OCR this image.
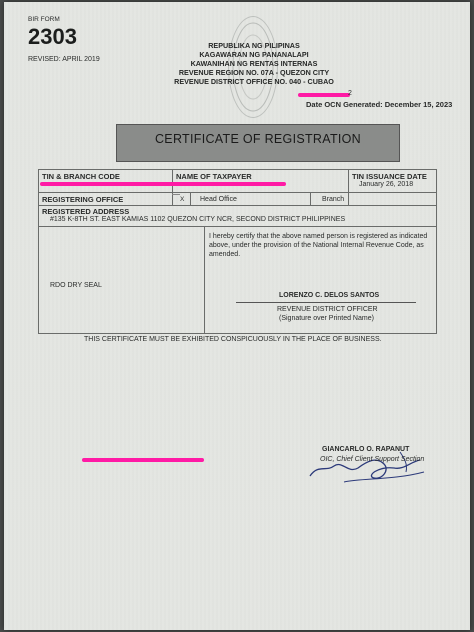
BIR FORM
2303
REVISED: APRIL 2019
REPUBLIKA NG PILIPINAS
KAGAWARAN NG PANANALAPI
KAWANIHAN NG RENTAS INTERNAS
REVENUE REGION NO. 07A - QUEZON CITY
REVENUE DISTRICT OFFICE NO. 040 - CUBAO
2
Date OCN Generated: December 15, 2023
CERTIFICATE OF REGISTRATION
TIN & BRANCH CODE	NAME OF TAXPAYER	TIN ISSUANCE DATE
January 26, 2018
REGISTERING OFFICE	X Head Office	Branch
REGISTERED ADDRESS
#135 K-8TH ST. EAST KAMIAS 1102 QUEZON CITY NCR, SECOND DISTRICT PHILIPPINES
RDO DRY SEAL
I hereby certify that the above named person is registered as indicated
above, under the provision of the National Internal Revenue Code, as
amended.
LORENZO C. DELOS SANTOS
REVENUE DISTRICT OFFICER
(Signature over Printed Name)
THIS CERTIFICATE MUST BE EXHIBITED CONSPICUOUSLY IN THE PLACE OF BUSINESS.
GIANCARLO O. RAPANUT
OIC, Chief Client Support Section
